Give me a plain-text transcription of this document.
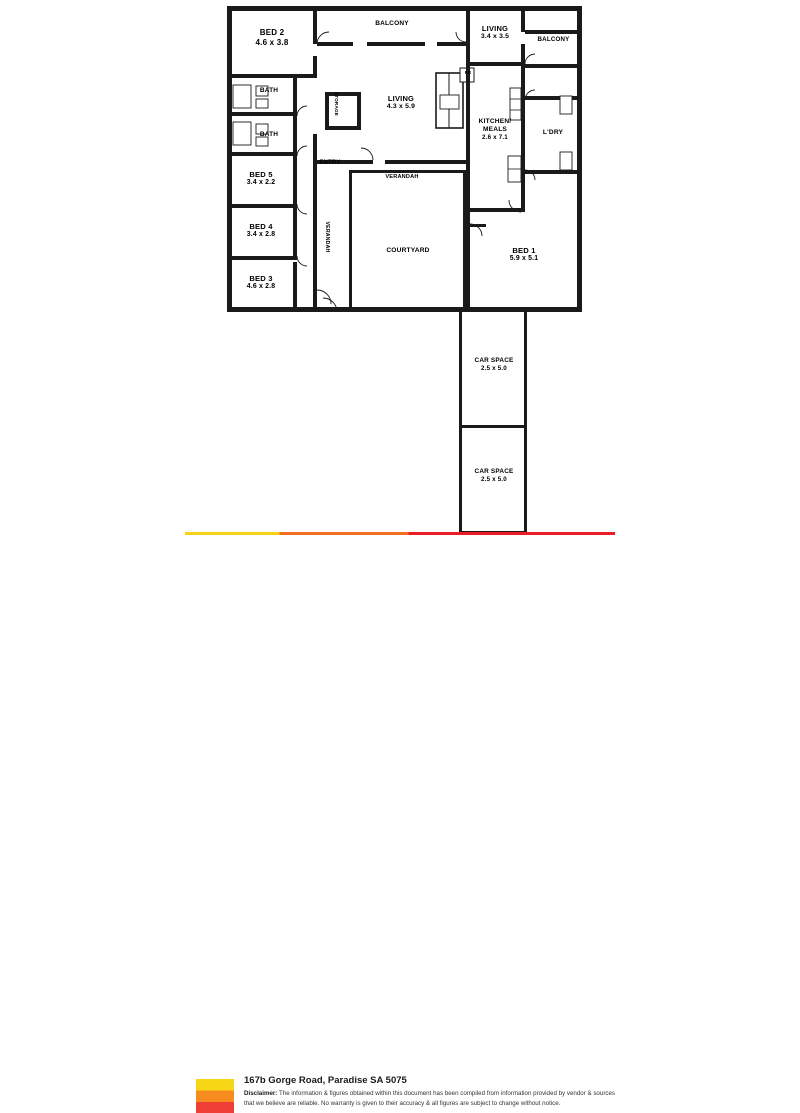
BED 2
4.6 x 3.8
BALCONY
LIVING
3.4 x 3.5	BALCONY
BATH
BATH
STORAGE	LIVING
4.3 x 5.9
FR
KITCHEN/
MEALS
2.6 x 7.1
L'DRY
BED 5
3.4 x 2.2
BED 4
3.4 x 2.8
BED 3
4.6 x 2.8
ENTRY
VERANDAH
VERANDAH	COURTYARD	BED 1
5.9 x 5.1
CAR SPACE
2.5 x 5.0
CAR SPACE
2.5 x 5.0
167b Gorge Road, Paradise SA 5075
Disclaimer: The information & figures obtained within this document has been compiled from information provided by vendor & sources that we believe are reliable. No warranty is given to their accuracy & all figures are subject to change without notice.
